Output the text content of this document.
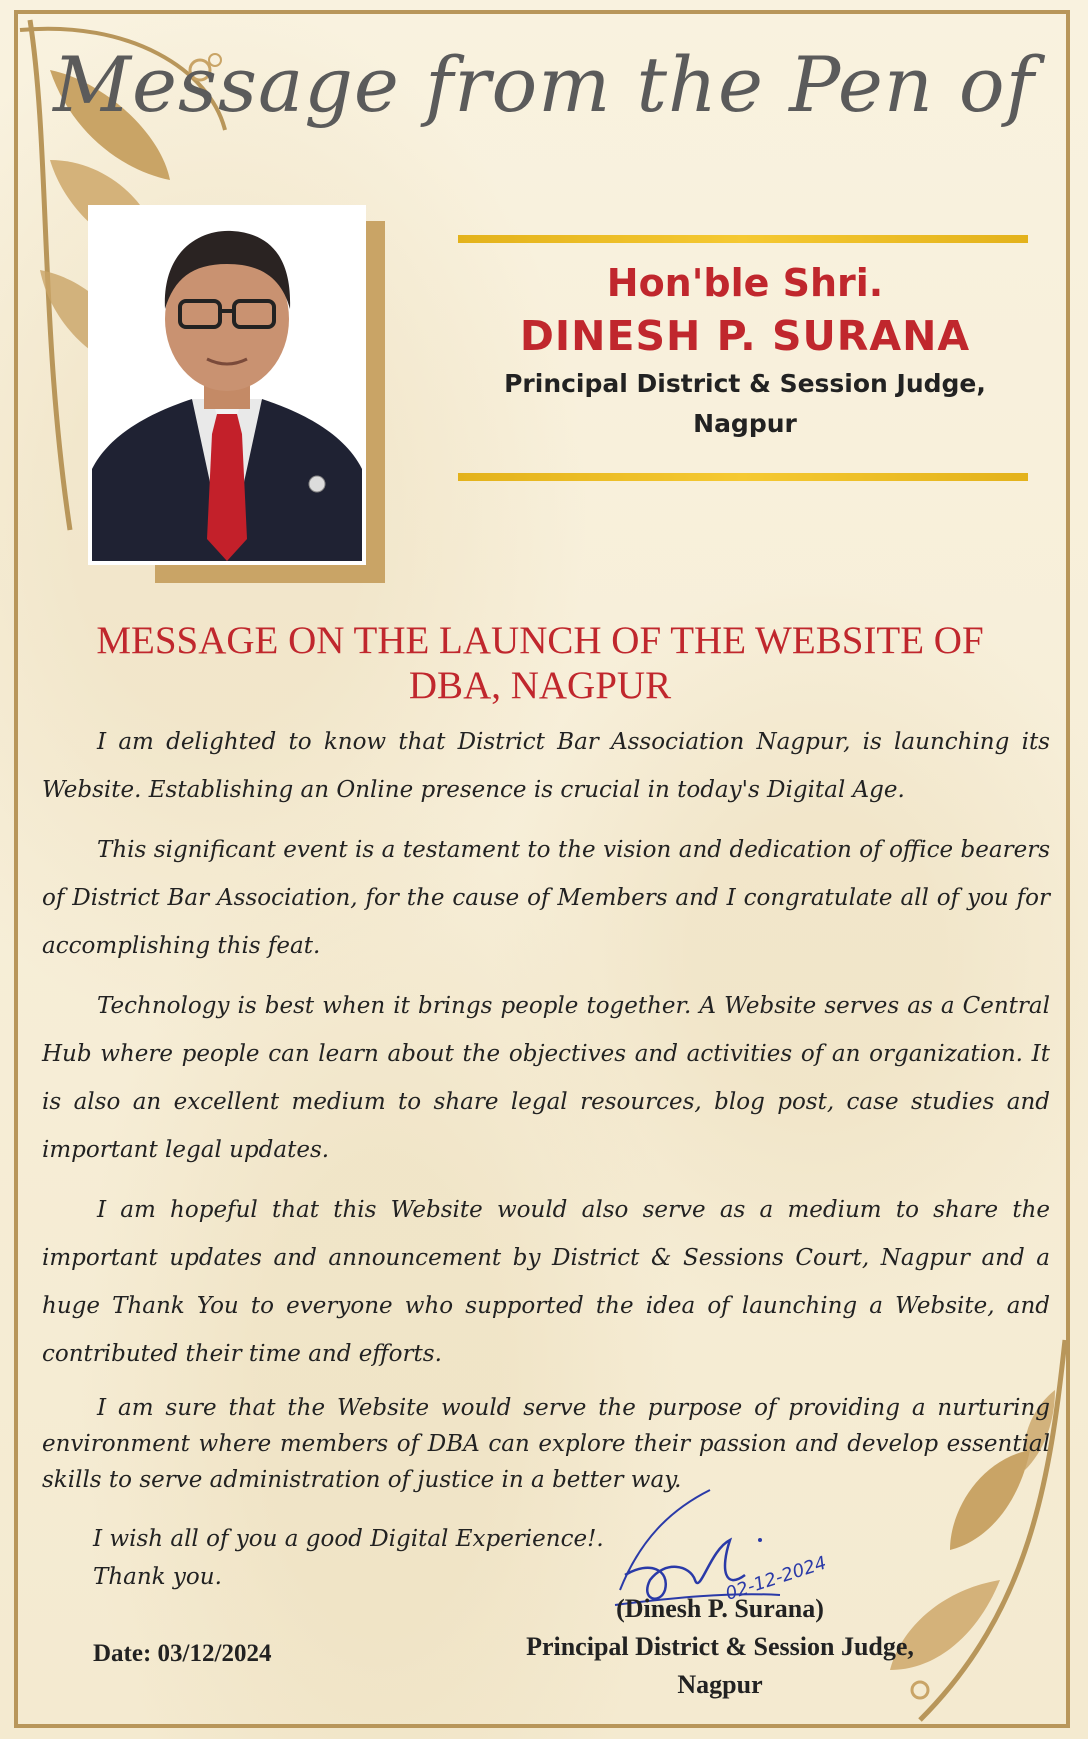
Message from the Pen of
Hon'ble Shri.
DINESH P. SURANA
Principal District & Session Judge,
Nagpur
MESSAGE ON THE LAUNCH OF THE WEBSITE OF
DBA, NAGPUR

I am delighted to know that District Bar Association Nagpur, is launching its Website. Establishing an Online presence is crucial in today's Digital Age.

This significant event is a testament to the vision and dedication of office bearers of District Bar Association, for the cause of Members and I congratulate all of you for accomplishing this feat.

Technology is best when it brings people together. A Website serves as a Central Hub where people can learn about the objectives and activities of an organization. It is also an excellent medium to share legal resources, blog post, case studies and important legal updates.

I am hopeful that this Website would also serve as a medium to share the important updates and announcement by District & Sessions Court, Nagpur and a huge Thank You to everyone who supported the idea of launching a Website, and contributed their time and efforts.

I am sure that the Website would serve the purpose of providing a nurturing environment where members of DBA can explore their passion and develop essential skills to serve administration of justice in a better way.

I wish all of you a good Digital Experience!.
Thank you.
Date: 03/12/2024
02-12-2024
(Dinesh P. Surana)
Principal District & Session Judge,
Nagpur
